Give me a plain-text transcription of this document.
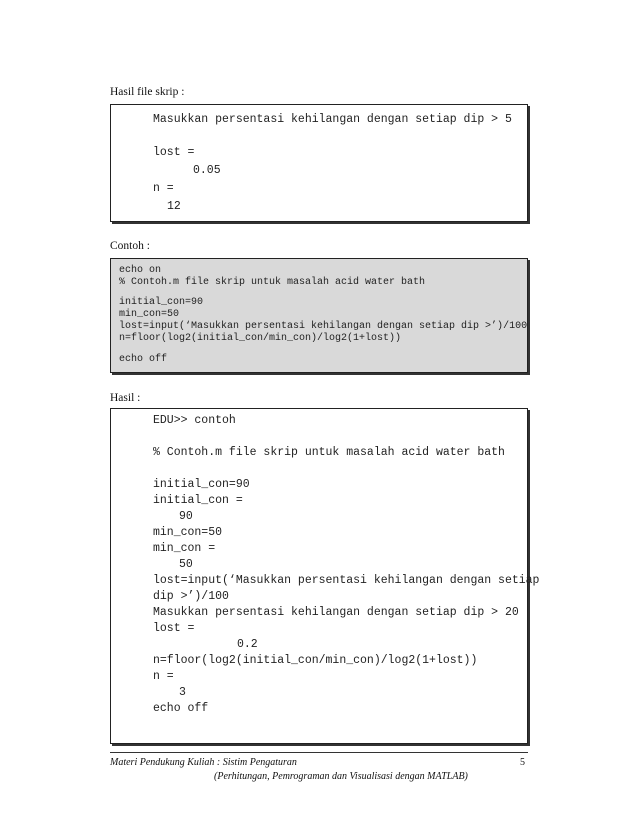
Hasil file skrip :
Masukkan persentasi kehilangan dengan setiap dip > 5
lost =
0.05
n =
12
Contoh :
echo on
% Contoh.m file skrip untuk masalah acid water bath
initial_con=90
min_con=50
lost=input(‘Masukkan persentasi kehilangan dengan setiap dip >’)/100
n=floor(log2(initial_con/min_con)/log2(1+lost))
echo off
Hasil :
EDU>> contoh
% Contoh.m file skrip untuk masalah acid water bath
initial_con=90
initial_con =
90
min_con=50
min_con =
50
lost=input(‘Masukkan persentasi kehilangan dengan setiap
dip >’)/100
Masukkan persentasi kehilangan dengan setiap dip > 20
lost =
0.2
n=floor(log2(initial_con/min_con)/log2(1+lost))
n =
3
echo off
Materi Pendukung Kuliah : Sistim Pengaturan
(Perhitungan, Pemrograman dan Visualisasi dengan MATLAB)
5
